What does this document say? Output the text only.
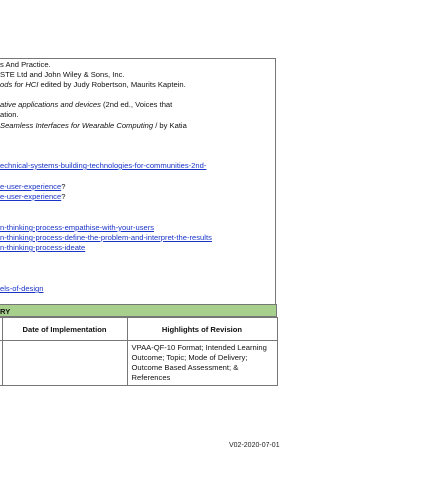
s And Practice.
STE Ltd and John Wiley & Sons, Inc.
ods for HCI edited by Judy Robertson, Maurits Kaptein.
ative applications and devices (2nd ed., Voices that
ation.
Seamless Interfaces for Wearable Computing / by Katia
echnical-systems-building-technologies-for-communities-2nd-
e-user-experience?
e-user-experience?
n-thinking-process-empathise-with-your-users
n-thinking-process-define-the-problem-and-interpret-the-results
n-thinking-process-ideate
els-of-design
RY
	Date of Implementation	Highlights of Revision
		VPAA-QF-10 Format; Intended Learning Outcome; Topic; Mode of Delivery; Outcome Based Assessment; & References
V02-2020-07-01
